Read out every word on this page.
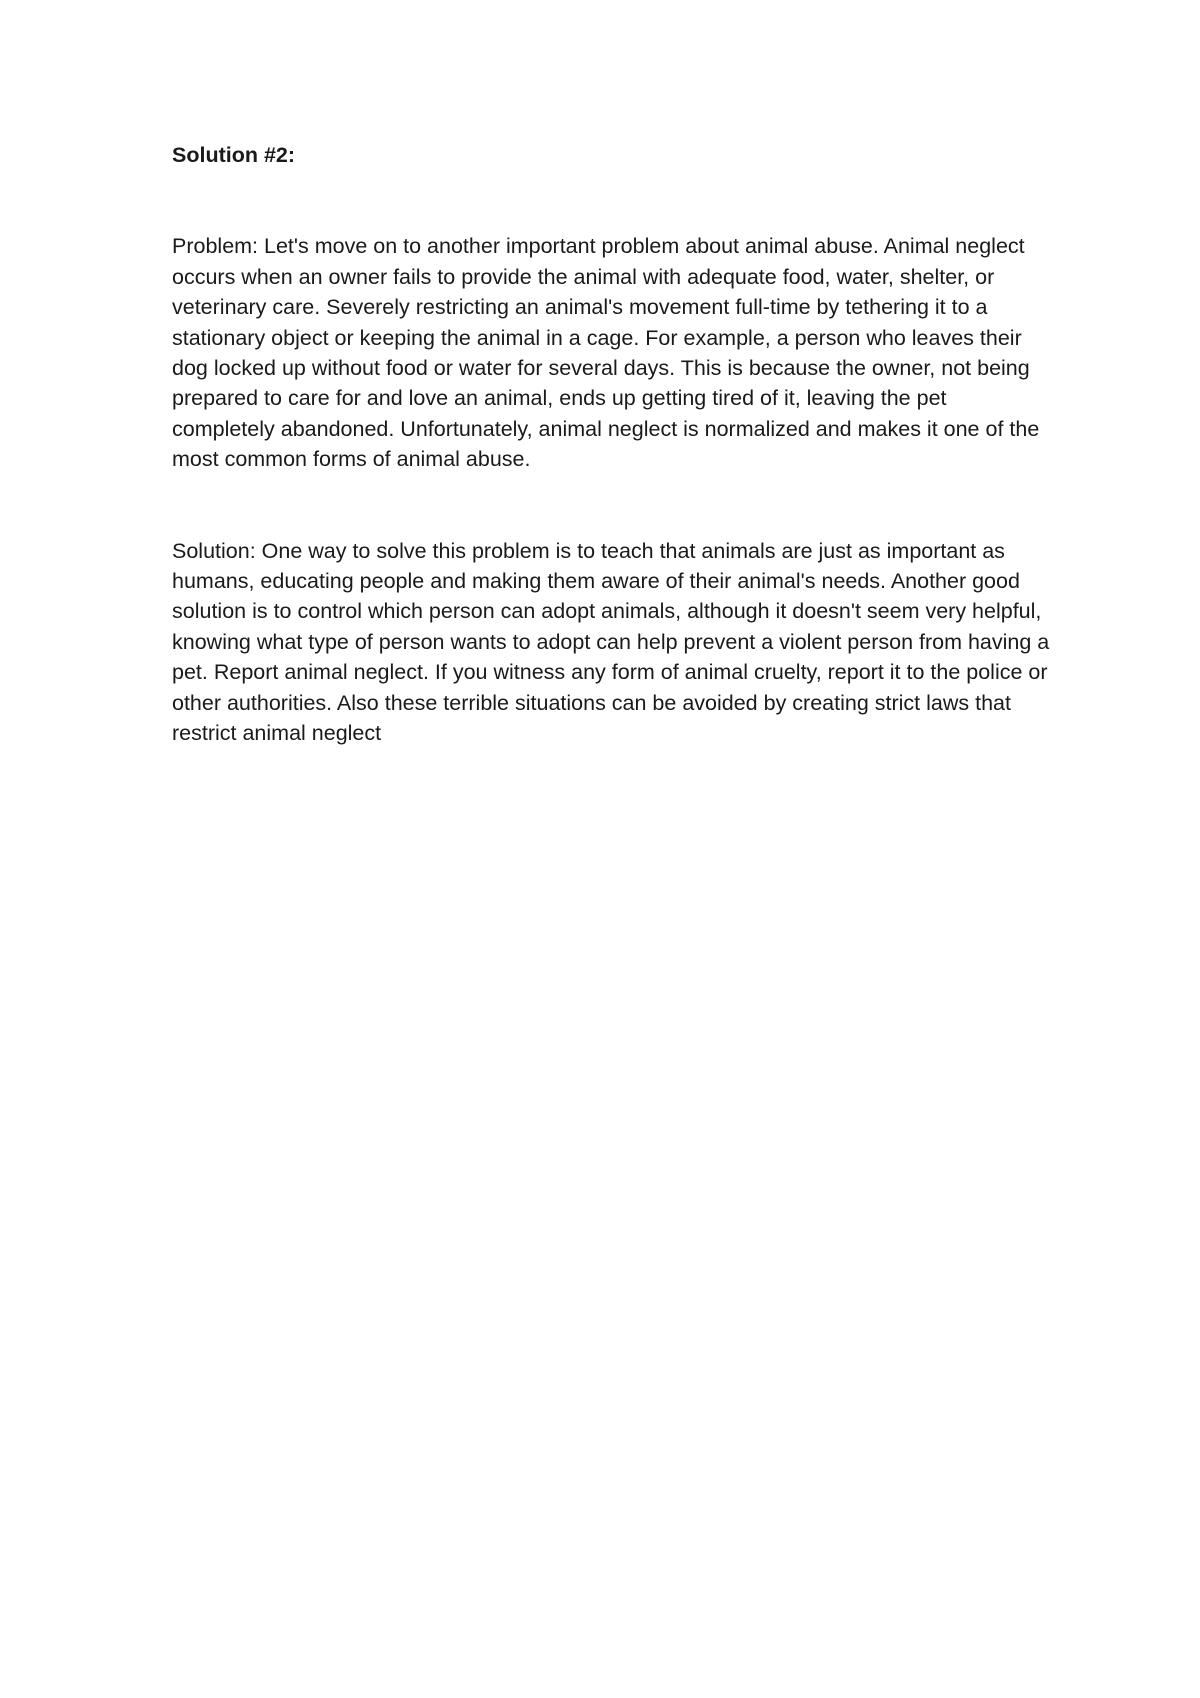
Solution #2:

Problem: Let's move on to another important problem about animal abuse. Animal neglect occurs when an owner fails to provide the animal with adequate food, water, shelter, or veterinary care. Severely restricting an animal's movement full-time by tethering it to a stationary object or keeping the animal in a cage. For example, a person who leaves their dog locked up without food or water for several days. This is because the owner, not being prepared to care for and love an animal, ends up getting tired of it, leaving the pet completely abandoned. Unfortunately, animal neglect is normalized and makes it one of the most common forms of animal abuse.

Solution: One way to solve this problem is to teach that animals are just as important as humans, educating people and making them aware of their animal's needs. Another good solution is to control which person can adopt animals, although it doesn't seem very helpful, knowing what type of person wants to adopt can help prevent a violent person from having a pet. Report animal neglect. If you witness any form of animal cruelty, report it to the police or other authorities. Also these terrible situations can be avoided by creating strict laws that restrict animal neglect
